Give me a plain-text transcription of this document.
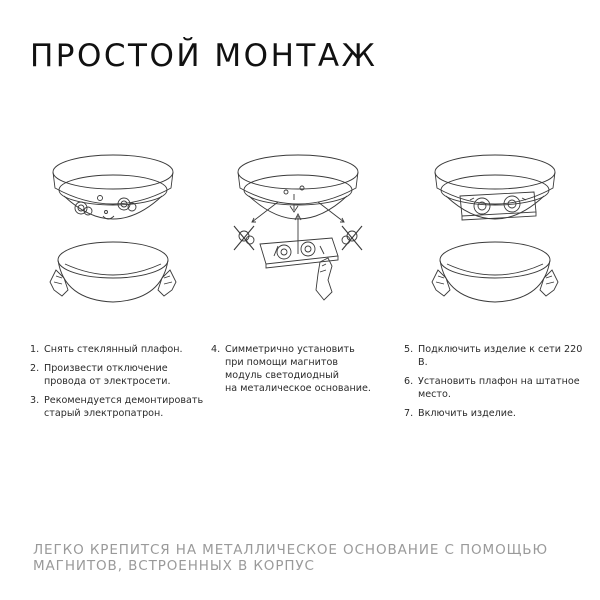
ПРОСТОЙ МОНТАЖ
1. Снять стеклянный плафон.
2. Произвести отключение
провода от электросети.
3. Рекомендуется демонтировать
старый электропатрон.
4. Симметрично установить
при помощи магнитов
модуль светодиодный
на металическое основание.
5. Подключить изделие к сети 220 В.
6. Установить плафон на штатное
место.
7. Включить изделие.

ЛЕГКО КРЕПИТСЯ НА МЕТАЛЛИЧЕСКОЕ ОСНОВАНИЕ С ПОМОЩЬЮ
МАГНИТОВ, ВСТРОЕННЫХ В КОРПУС
